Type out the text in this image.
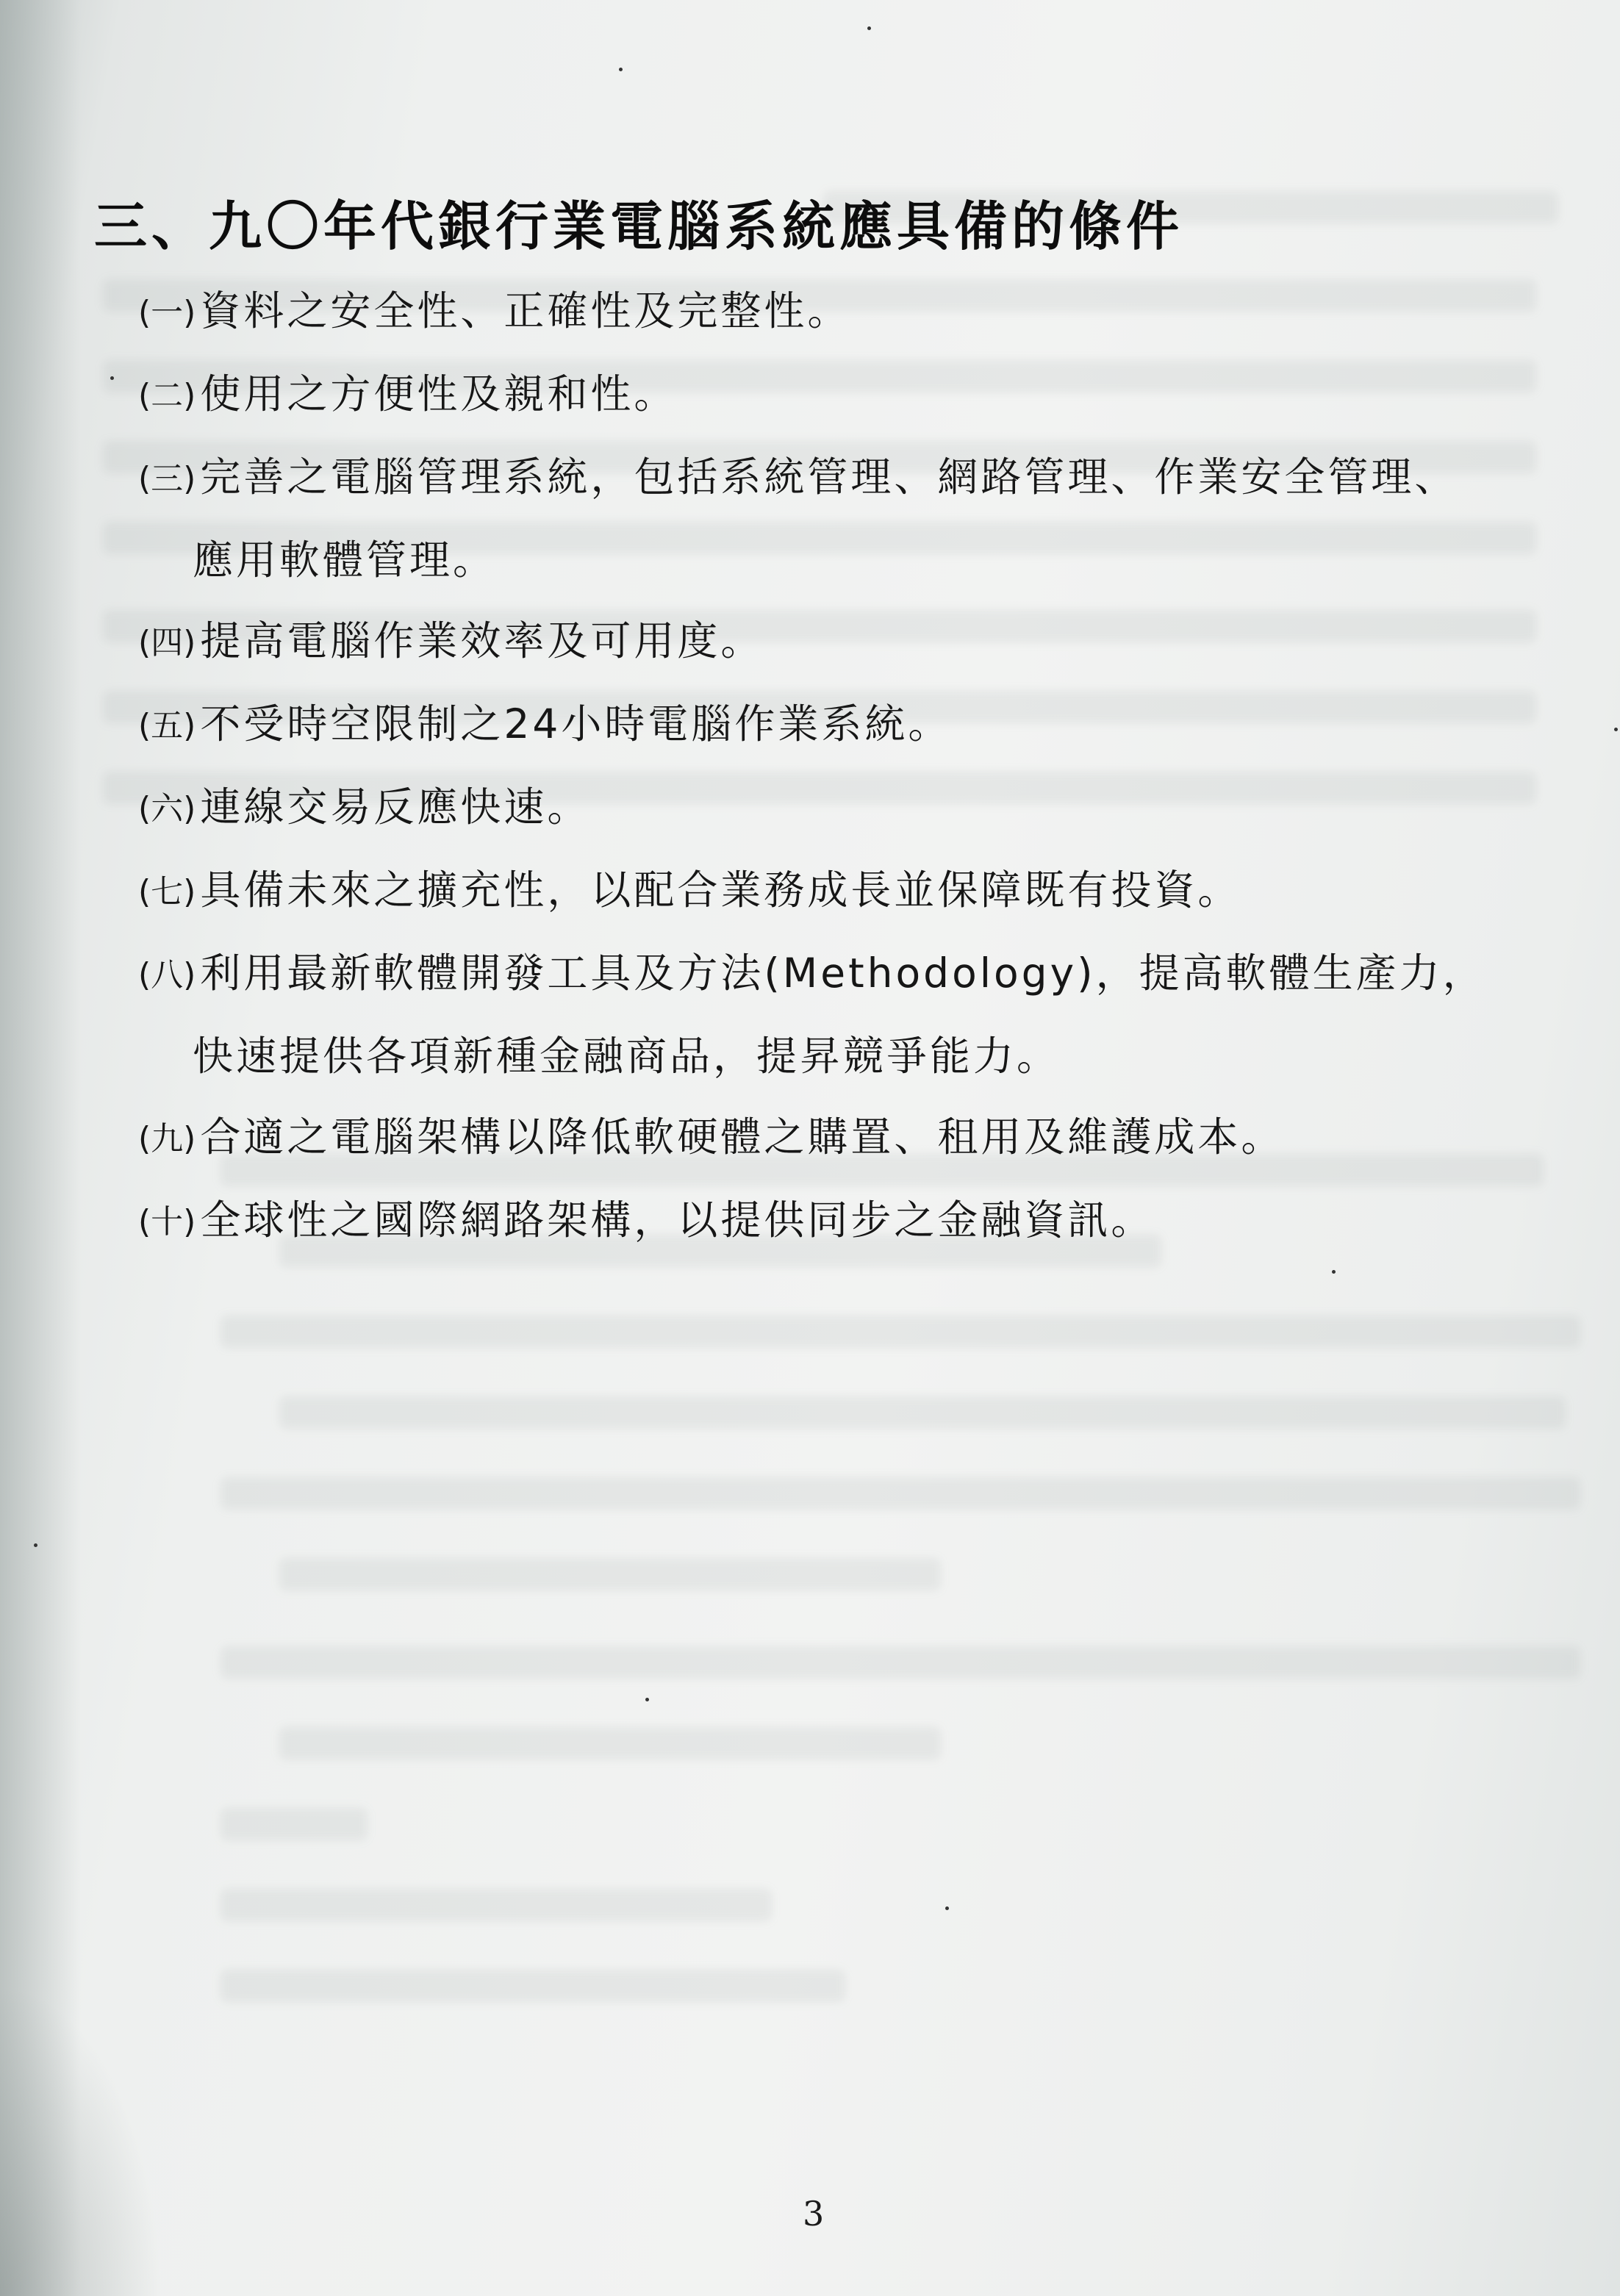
三、九〇年代銀行業電腦系統應具備的條件
(一) 資料之安全性、正確性及完整性。
(二) 使用之方便性及親和性。
(三) 完善之電腦管理系統，包括系統管理、網路管理、作業安全管理、
應用軟體管理。
(四) 提高電腦作業效率及可用度。
(五) 不受時空限制之24小時電腦作業系統。
(六) 連線交易反應快速。
(七) 具備未來之擴充性，以配合業務成長並保障既有投資。
(八) 利用最新軟體開發工具及方法(Methodology)，提高軟體生產力，
快速提供各項新種金融商品，提昇競爭能力。
(九) 合適之電腦架構以降低軟硬體之購置、租用及維護成本。
(十) 全球性之國際網路架構，以提供同步之金融資訊。
3
